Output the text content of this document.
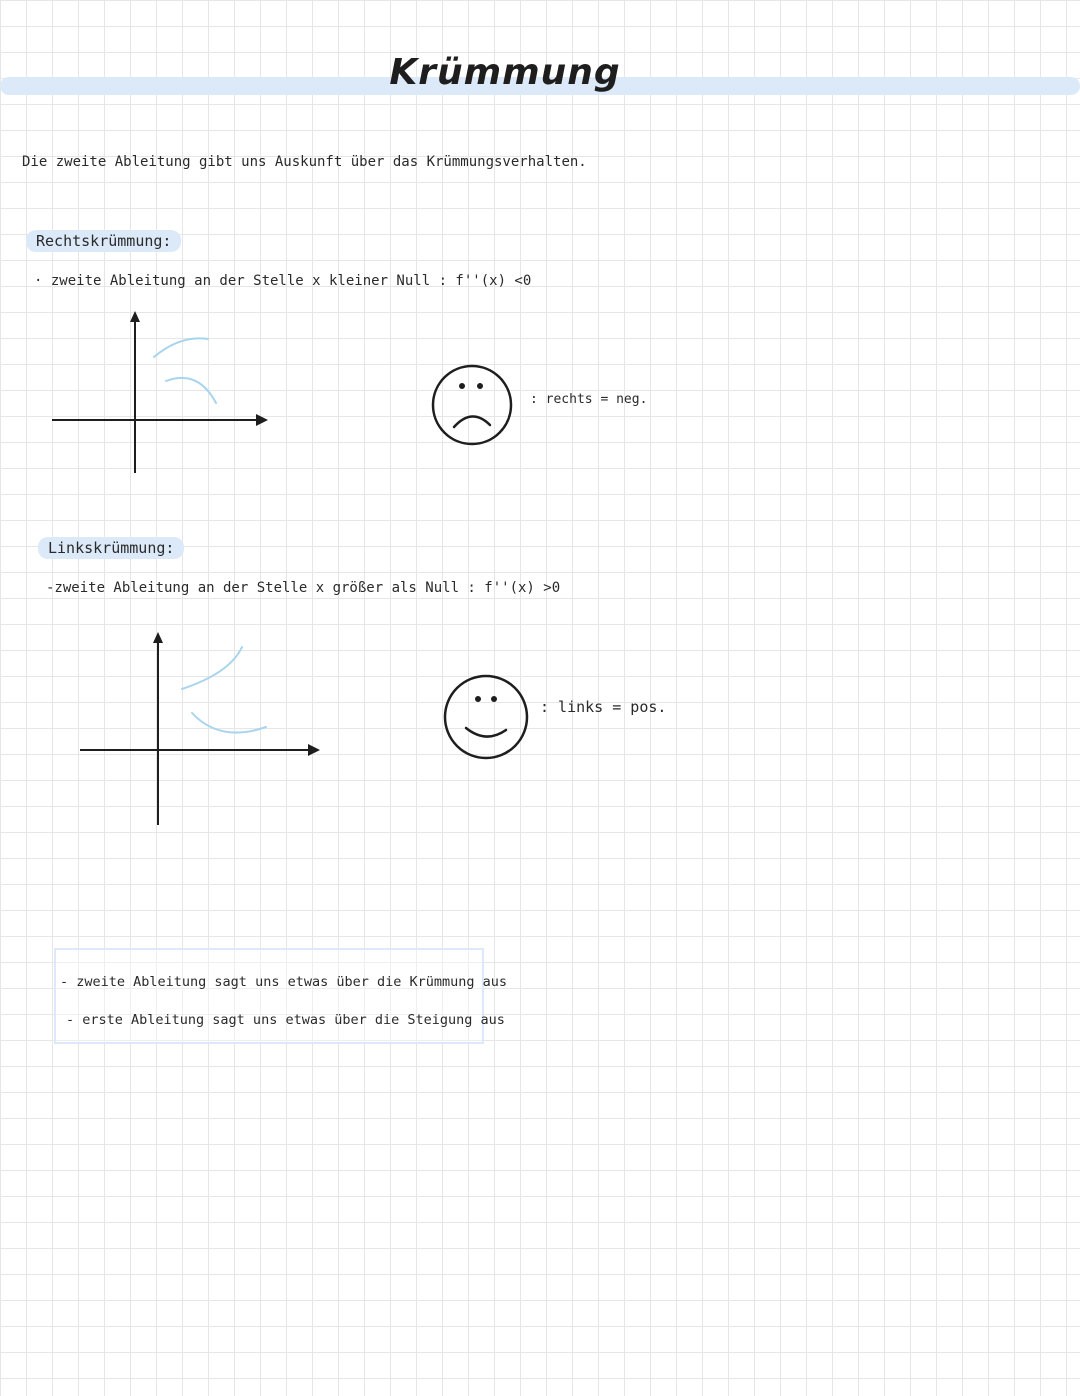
Krümmung
Die zweite Ableitung gibt uns Auskunft über das Krümmungsverhalten.
Rechtskrümmung:
· zweite Ableitung an der Stelle x kleiner Null : f''(x) <0
: rechts = neg.
Linkskrümmung:
-zweite Ableitung an der Stelle x größer als Null : f''(x) >0
: links = pos.
- zweite Ableitung sagt uns etwas über die Krümmung aus
- erste Ableitung sagt uns etwas über die Steigung aus
